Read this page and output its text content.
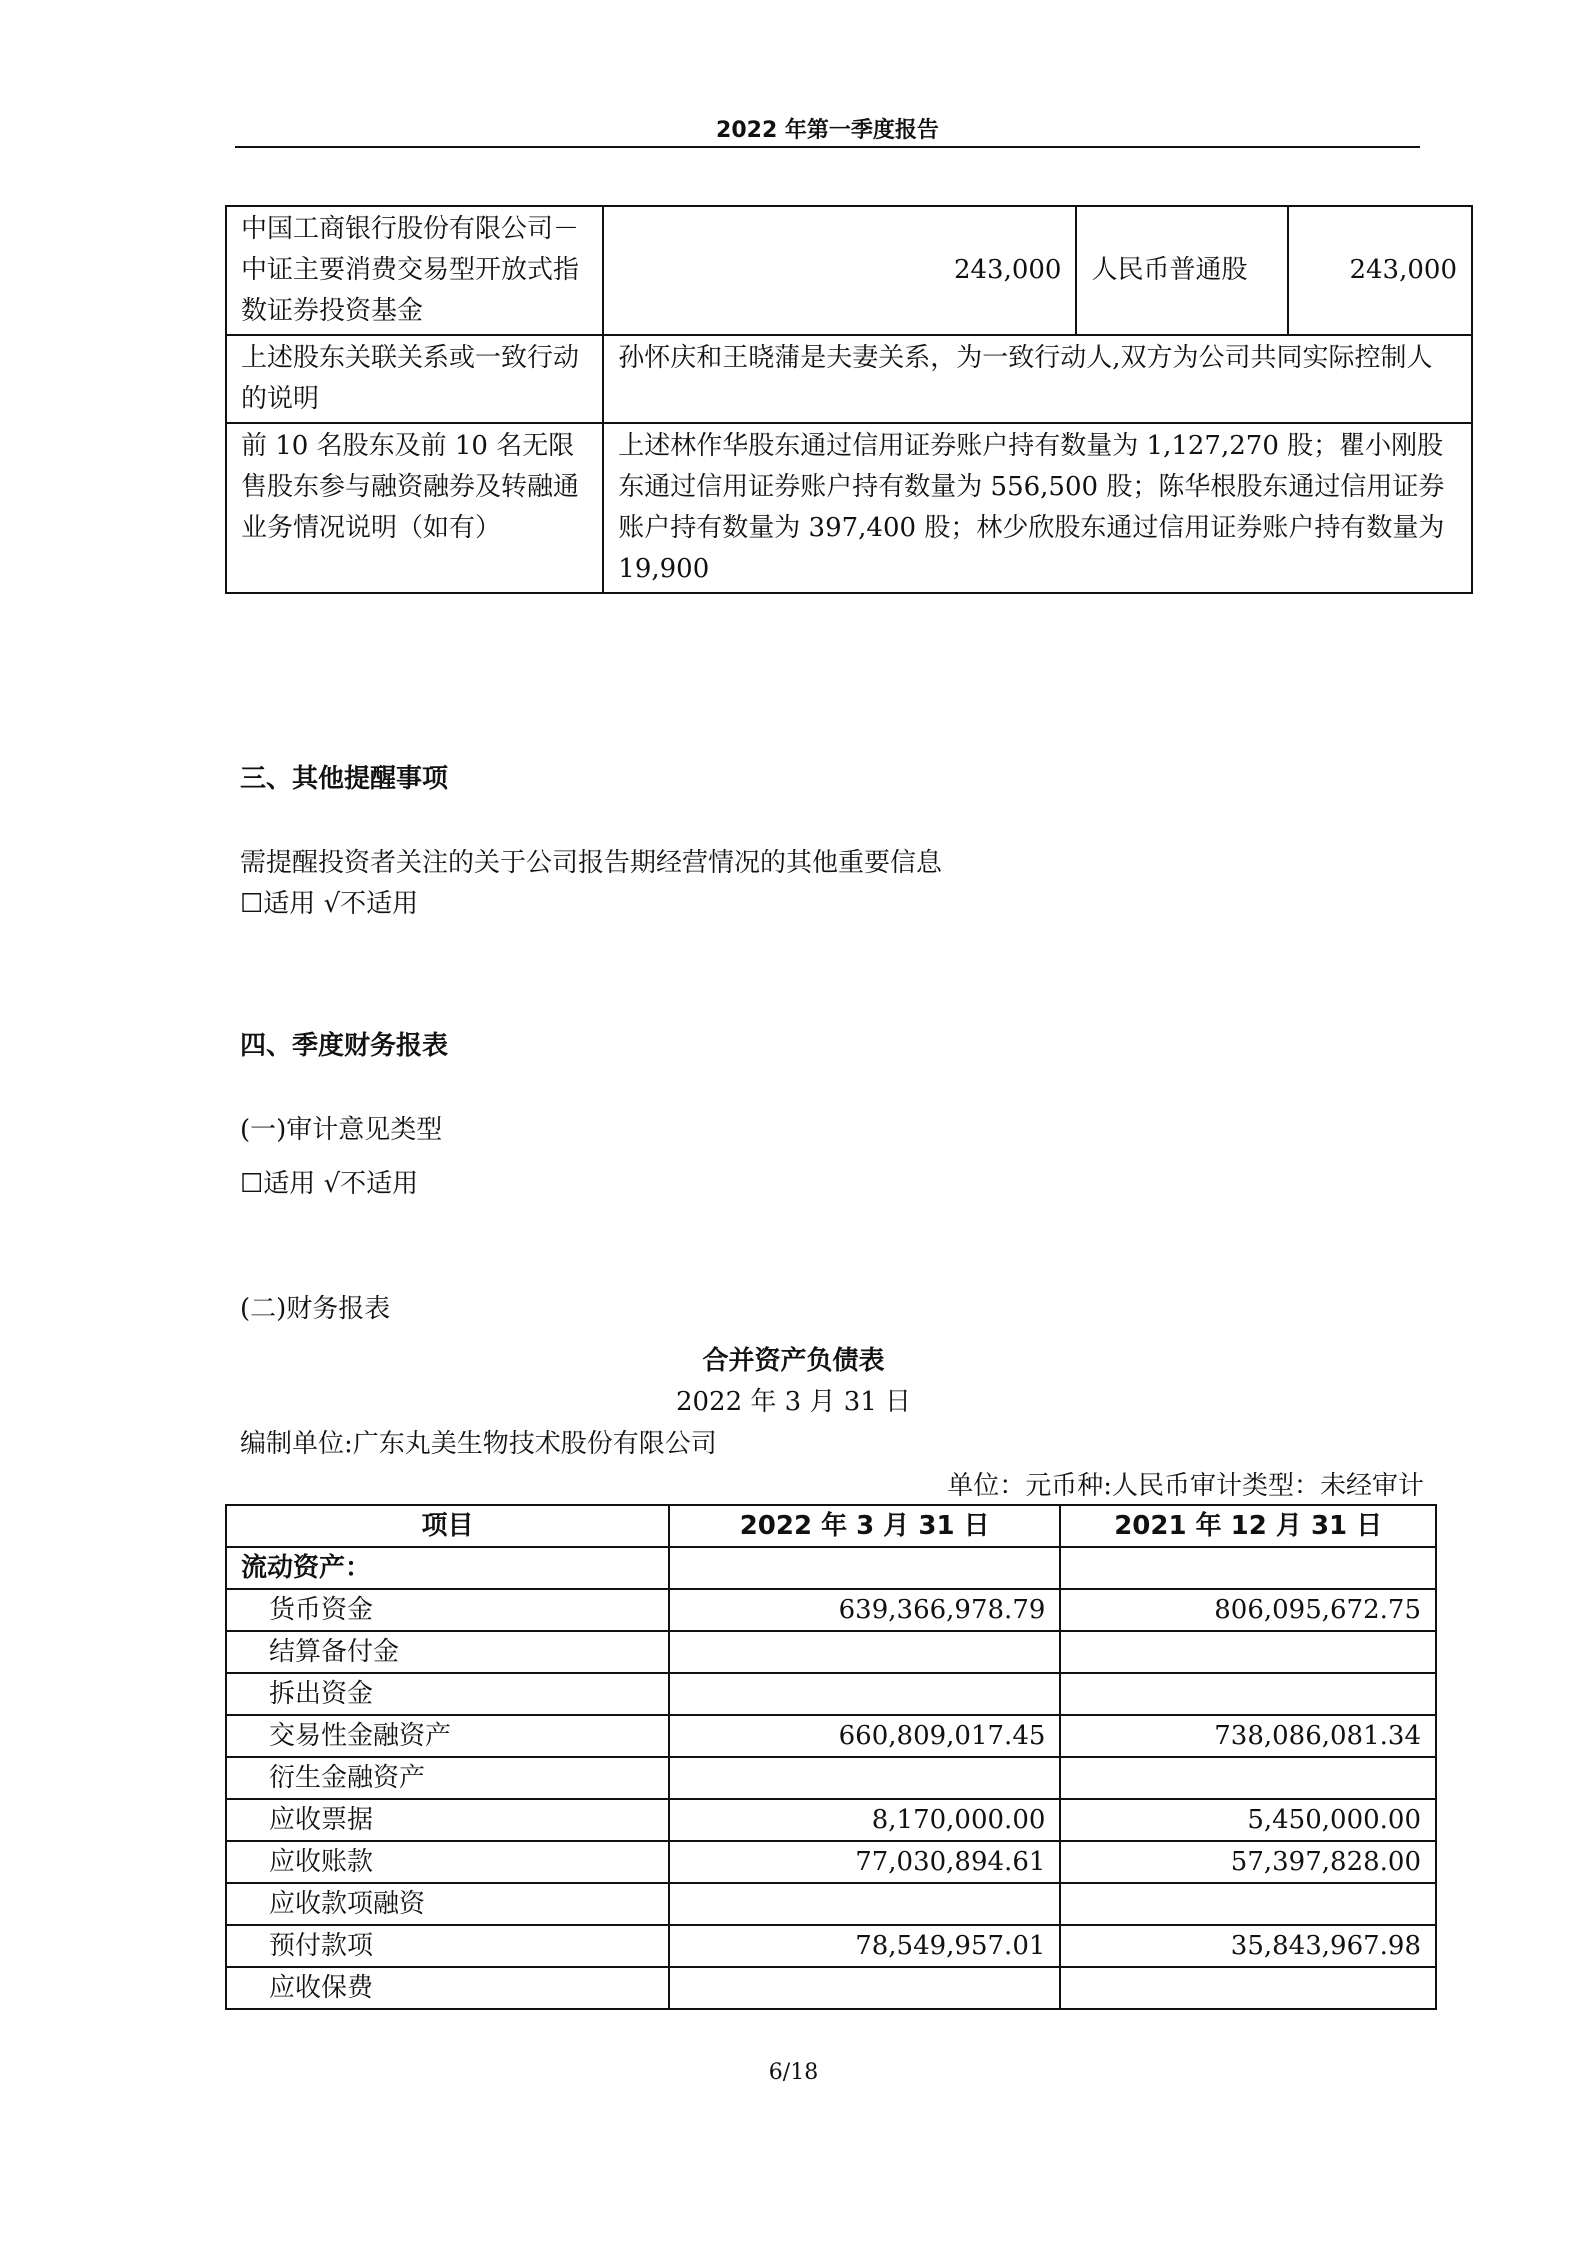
2022 年第一季度报告
中国工商银行股份有限公司－中证主要消费交易型开放式指数证券投资基金	243,000	人民币普通股	243,000
上述股东关联关系或一致行动的说明	孙怀庆和王晓蒲是夫妻关系，为一致行动人,双方为公司共同实际控制人		
前 10 名股东及前 10 名无限售股东参与融资融券及转融通业务情况说明（如有）	上述林作华股东通过信用证券账户持有数量为 1,127,270 股；瞿小刚股东通过信用证券账户持有数量为 556,500 股；陈华根股东通过信用证券账户持有数量为 397,400 股；林少欣股东通过信用证券账户持有数量为 19,900		
三、其他提醒事项
需提醒投资者关注的关于公司报告期经营情况的其他重要信息
☐适用 √不适用
四、季度财务报表
(一)审计意见类型
☐适用 √不适用
(二)财务报表
合并资产负债表
2022 年 3 月 31 日
编制单位:广东丸美生物技术股份有限公司
单位：元币种:人民币审计类型：未经审计
项目	2022 年 3 月 31 日	2021 年 12 月 31 日
流动资产：		
货币资金	639,366,978.79	806,095,672.75
结算备付金		
拆出资金		
交易性金融资产	660,809,017.45	738,086,081.34
衍生金融资产		
应收票据	8,170,000.00	5,450,000.00
应收账款	77,030,894.61	57,397,828.00
应收款项融资		
预付款项	78,549,957.01	35,843,967.98
应收保费		
6/18
